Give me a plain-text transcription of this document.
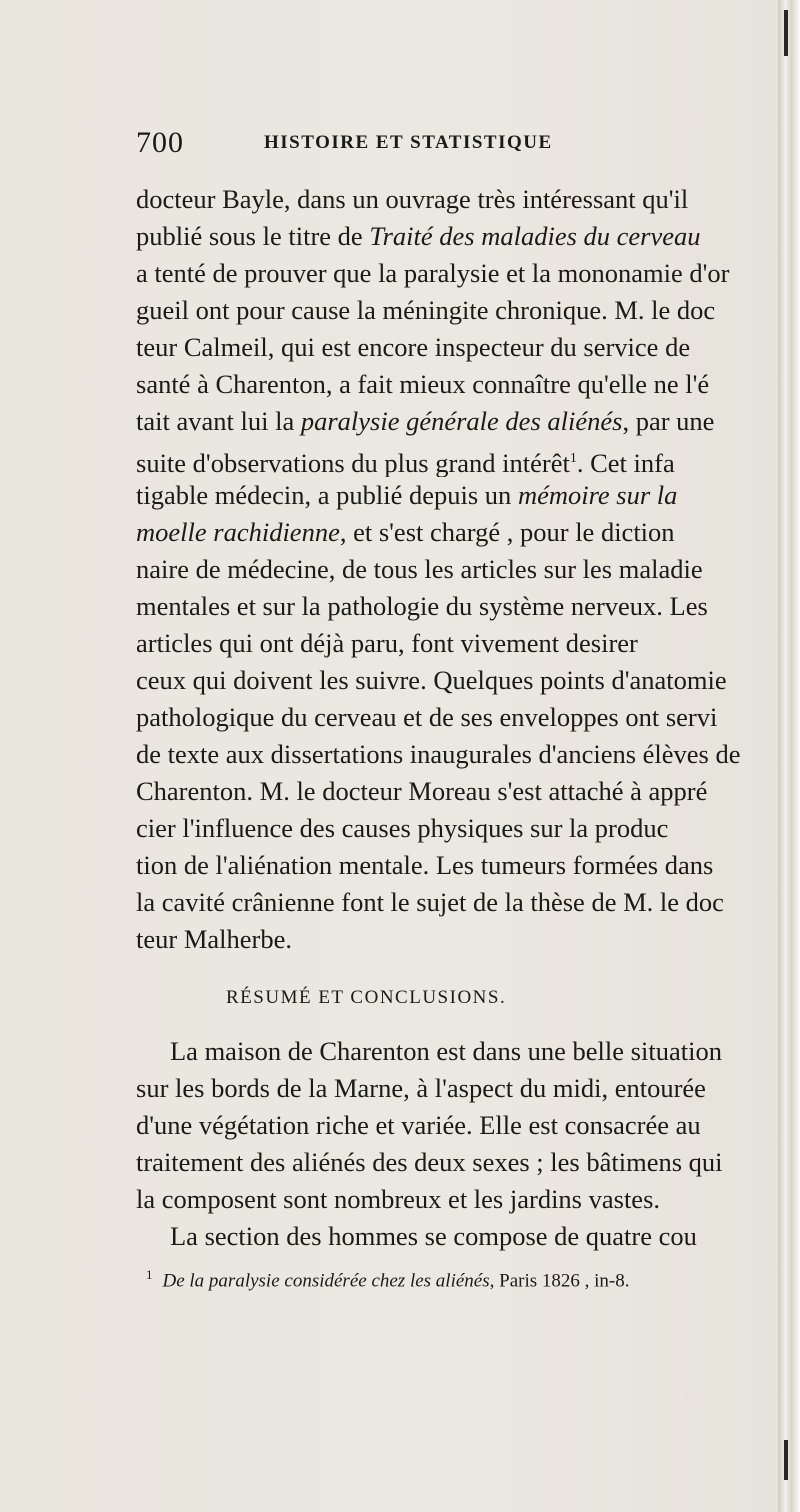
700	HISTOIRE ET STATISTIQUE
docteur Bayle, dans un ouvrage très intéressant qu'il
publié sous le titre de Traité des maladies du cerveau
a tenté de prouver que la paralysie et la mononamie d'or
gueil ont pour cause la méningite chronique. M. le doc
teur Calmeil, qui est encore inspecteur du service de
santé à Charenton, a fait mieux connaître qu'elle ne l'é
tait avant lui la paralysie générale des aliénés, par une
suite d'observations du plus grand intérêt$^1$. Cet infa
tigable médecin, a publié depuis un mémoire sur la
moelle rachidienne, et s'est chargé , pour le diction
naire de médecine, de tous les articles sur les maladie
mentales et sur la pathologie du système nerveux. Les
articles qui ont déjà paru, font vivement desirer
ceux qui doivent les suivre. Quelques points d'anatomie
pathologique du cerveau et de ses enveloppes ont servi
de texte aux dissertations inaugurales d'anciens élèves de
Charenton. M. le docteur Moreau s'est attaché à appré
cier l'influence des causes physiques sur la produc
tion de l'aliénation mentale. Les tumeurs formées dans
la cavité crânienne font le sujet de la thèse de M. le doc
teur Malherbe.
RÉSUMÉ ET CONCLUSIONS.
La maison de Charenton est dans une belle situation
sur les bords de la Marne, à l'aspect du midi, entourée
d'une végétation riche et variée. Elle est consacrée au
traitement des aliénés des deux sexes ; les bâtimens qui
la composent sont nombreux et les jardins vastes.
La section des hommes se compose de quatre cou
$^1$ De la paralysie considérée chez les aliénés, Paris 1826 , in-8.
